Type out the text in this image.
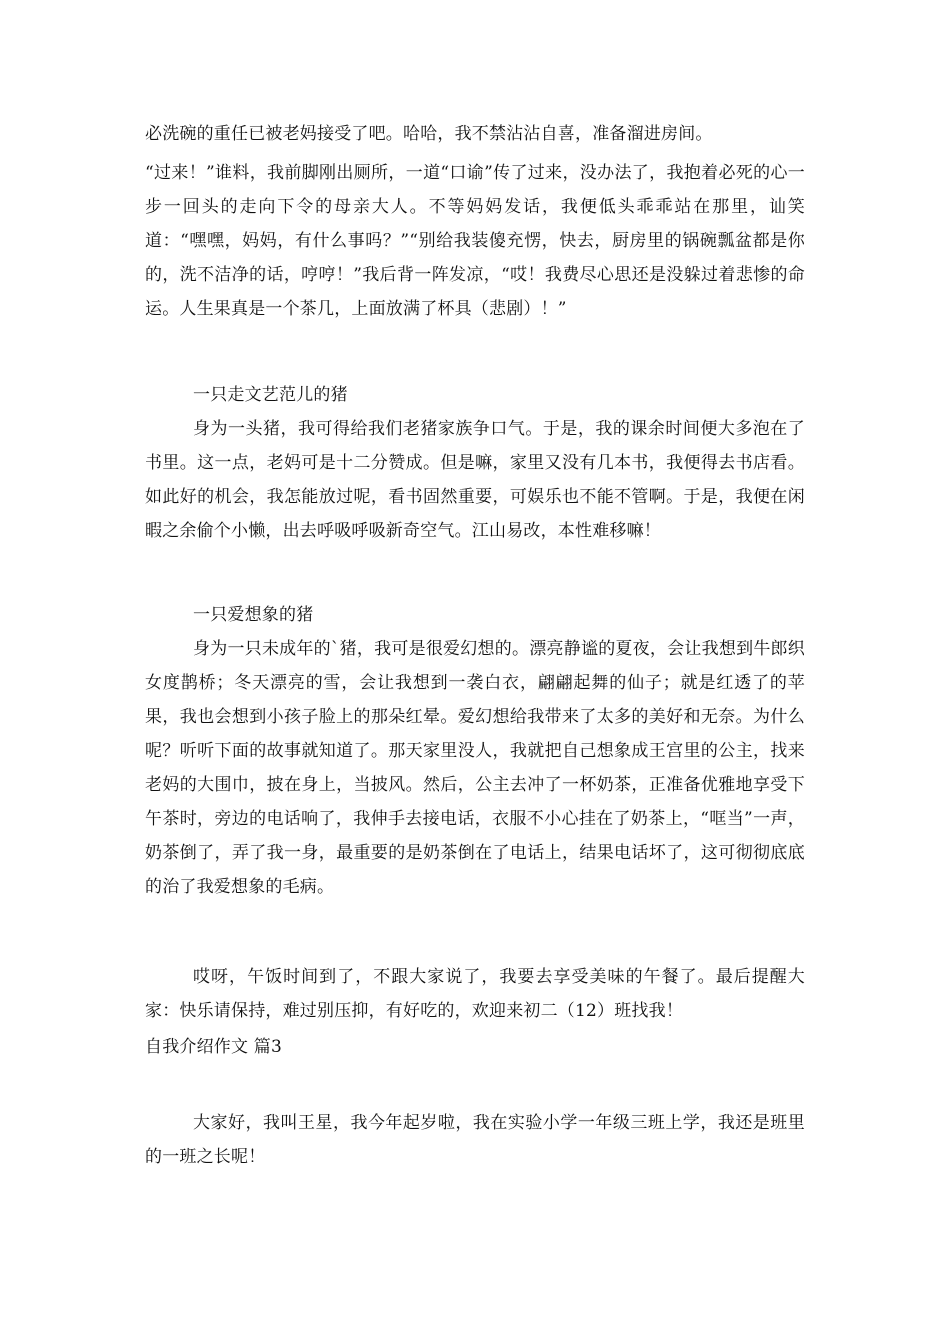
必洗碗的重任已被老妈接受了吧。哈哈，我不禁沾沾自喜，准备溜进房间。

“过来！”谁料，我前脚刚出厕所，一道“口谕”传了过来，没办法了，我抱着必死的心一步一回头的走向下令的母亲大人。不等妈妈发话，我便低头乖乖站在那里，讪笑道：“嘿嘿，妈妈，有什么事吗？”“别给我装傻充愣，快去，厨房里的锅碗瓢盆都是你的，洗不洁净的话，哼哼！”我后背一阵发凉，“哎！我费尽心思还是没躲过着悲惨的命运。人生果真是一个茶几，上面放满了杯具（悲剧）！”

一只走文艺范儿的猪

身为一头猪，我可得给我们老猪家族争口气。于是，我的课余时间便大多泡在了书里。这一点，老妈可是十二分赞成。但是嘛，家里又没有几本书，我便得去书店看。如此好的机会，我怎能放过呢，看书固然重要，可娱乐也不能不管啊。于是，我便在闲暇之余偷个小懒，出去呼吸呼吸新奇空气。江山易改，本性难移嘛！

一只爱想象的猪

身为一只未成年的`猪，我可是很爱幻想的。漂亮静谧的夏夜，会让我想到牛郎织女度鹊桥；冬天漂亮的雪，会让我想到一袭白衣，翩翩起舞的仙子；就是红透了的苹果，我也会想到小孩子脸上的那朵红晕。爱幻想给我带来了太多的美好和无奈。为什么呢？听听下面的故事就知道了。那天家里没人，我就把自己想象成王宫里的公主，找来老妈的大围巾，披在身上，当披风。然后，公主去冲了一杯奶茶，正准备优雅地享受下午茶时，旁边的电话响了，我伸手去接电话，衣服不小心挂在了奶茶上，“哐当”一声，奶茶倒了，弄了我一身，最重要的是奶茶倒在了电话上，结果电话坏了，这可彻彻底底的治了我爱想象的毛病。

哎呀，午饭时间到了，不跟大家说了，我要去享受美味的午餐了。最后提醒大家：快乐请保持，难过别压抑，有好吃的，欢迎来初二（12）班找我！

自我介绍作文 篇3

大家好，我叫王星，我今年起岁啦，我在实验小学一年级三班上学，我还是班里的一班之长呢！
